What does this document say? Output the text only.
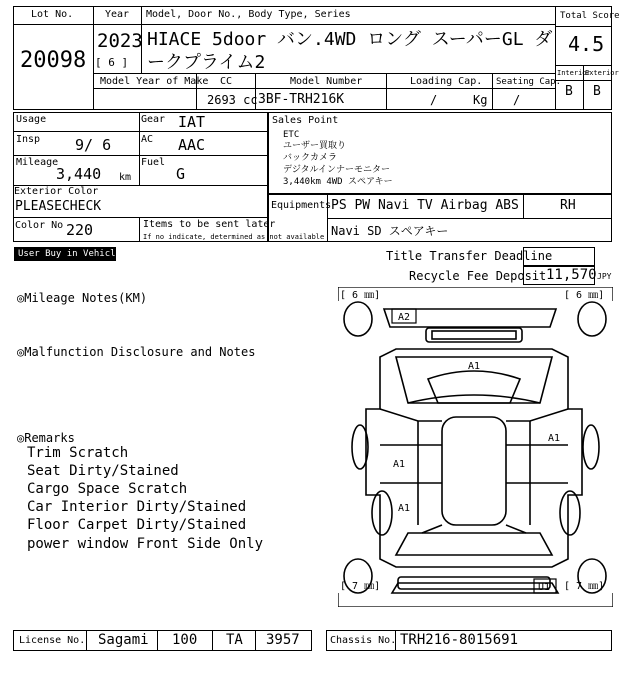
Lot No.
20098
Year
2023
[ 6 ]
Model, Door No., Body Type, Series
HIACE 5door バン.4WD ロング スーパーGL ダ
ークプライム2
Total Score
4.5
Interior
Exterior
B B
Model Year of Make CC
2693 cc
Model Number
3BF-TRH216K
Loading Cap.
/	Kg
Seating Cap.
/
Usage	Gear IAT
Insp 9/ 6	AC AAC
Mileage
3,440 km
Fuel
G
Exterior Color
PLEASECHECK
Color No 220	Items to be sent later
If no indicate, determined as not available
Sales Point
ETC
ユーザー買取り
バックカメラ
デジタルインナーモニター
3,440km 4WD スペアキー
Equipments PS PW Navi TV Airbag ABS	RH
Navi SD スペアキー
User Buy in Vehicle	Title Transfer Deadline
Recycle Fee Deposit 11,570 JPY
◎Mileage Notes(KM)
◎Malfunction Disclosure and Notes
◎Remarks
Trim Scratch
Seat Dirty/Stained
Cargo Space Scratch
Car Interior Dirty/Stained
Floor Carpet Dirty/Stained
power window Front Side Only
[ 6 ㎜]	[ 6 ㎜]
[ 7 ㎜]	[ 7 ㎜]
A2
A1
A1
A1
A1
U1
License No. Sagami 100 TA 3957	Chassis No. TRH216-8015691
